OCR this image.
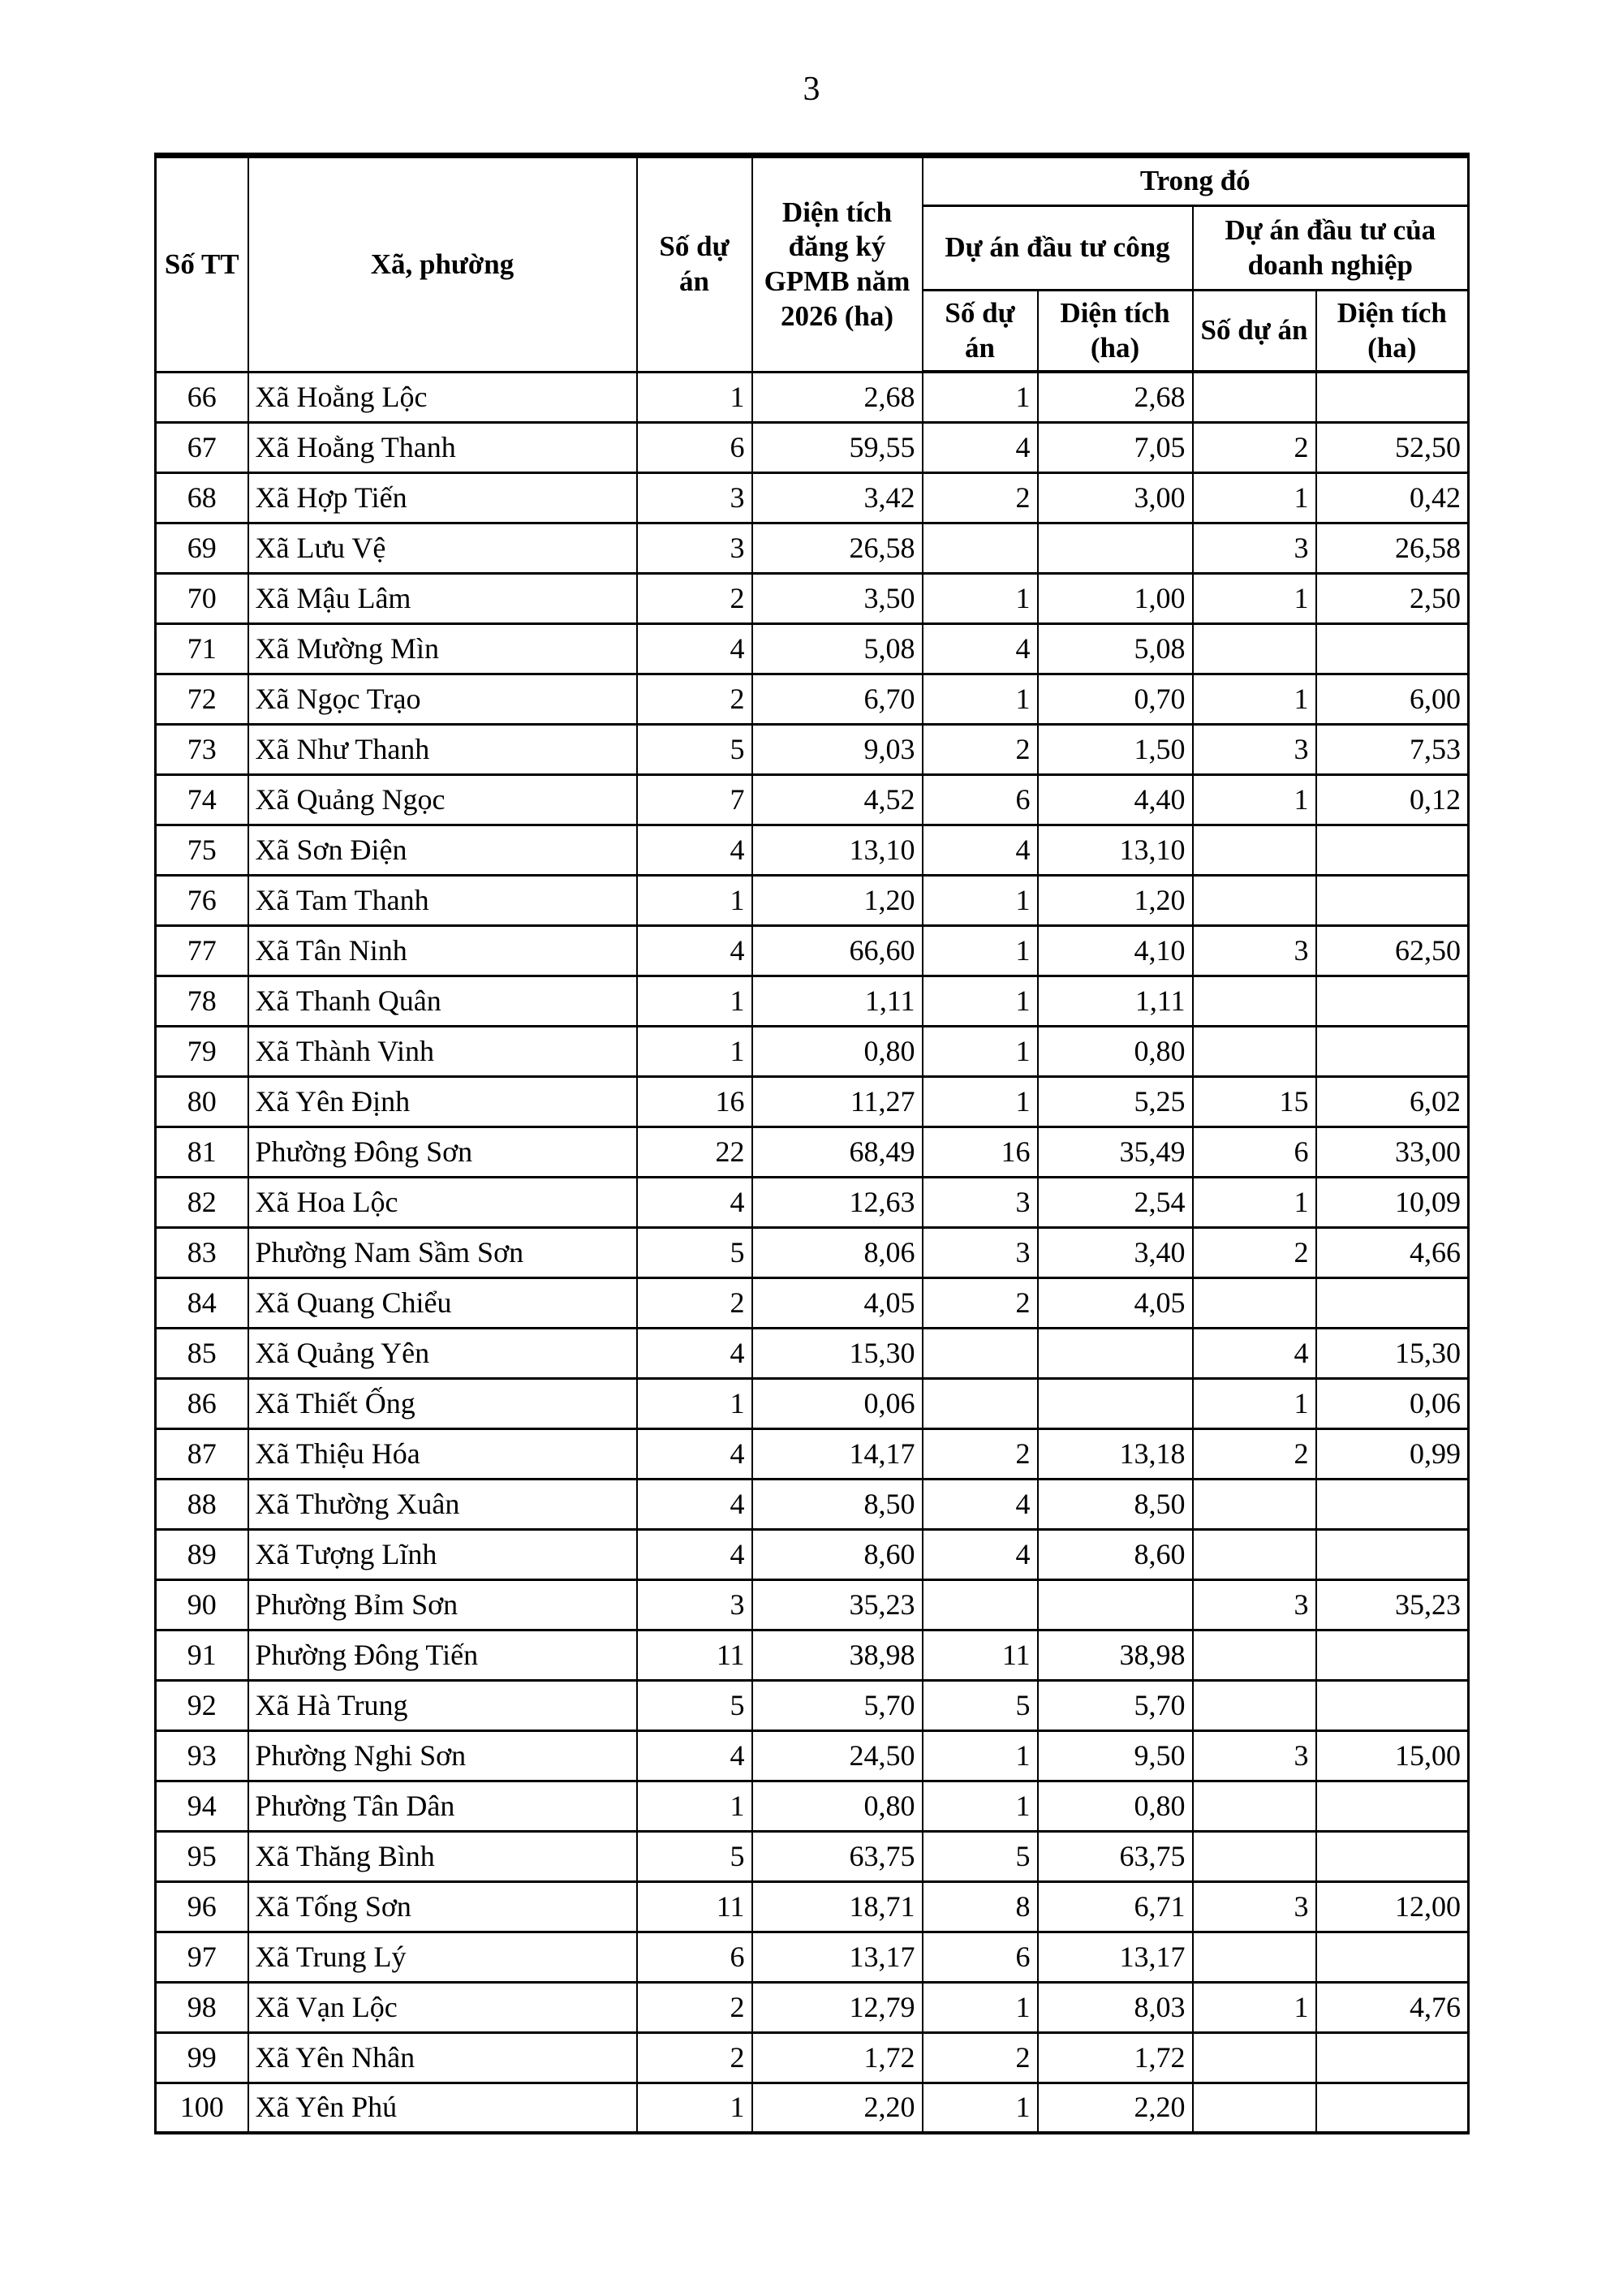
3
Số TT	Xã, phường	Số dự án	Diện tích đăng ký GPMB năm 2026 (ha)	Trong đó			
				Dự án đầu tư công		Dự án đầu tư của doanh nghiệp	
				Số dự án	Diện tích (ha)	Số dự án	Diện tích (ha)
66	Xã Hoằng Lộc	1	2,68	1	2,68		
67	Xã Hoằng Thanh	6	59,55	4	7,05	2	52,50
68	Xã Hợp Tiến	3	3,42	2	3,00	1	0,42
69	Xã Lưu Vệ	3	26,58			3	26,58
70	Xã Mậu Lâm	2	3,50	1	1,00	1	2,50
71	Xã Mường Mìn	4	5,08	4	5,08		
72	Xã Ngọc Trạo	2	6,70	1	0,70	1	6,00
73	Xã Như Thanh	5	9,03	2	1,50	3	7,53
74	Xã Quảng Ngọc	7	4,52	6	4,40	1	0,12
75	Xã Sơn Điện	4	13,10	4	13,10		
76	Xã Tam Thanh	1	1,20	1	1,20		
77	Xã Tân Ninh	4	66,60	1	4,10	3	62,50
78	Xã Thanh Quân	1	1,11	1	1,11		
79	Xã Thành Vinh	1	0,80	1	0,80		
80	Xã Yên Định	16	11,27	1	5,25	15	6,02
81	Phường Đông Sơn	22	68,49	16	35,49	6	33,00
82	Xã Hoa Lộc	4	12,63	3	2,54	1	10,09
83	Phường Nam Sầm Sơn	5	8,06	3	3,40	2	4,66
84	Xã Quang Chiểu	2	4,05	2	4,05		
85	Xã Quảng Yên	4	15,30			4	15,30
86	Xã Thiết Ống	1	0,06			1	0,06
87	Xã Thiệu Hóa	4	14,17	2	13,18	2	0,99
88	Xã Thường Xuân	4	8,50	4	8,50		
89	Xã Tượng Lĩnh	4	8,60	4	8,60		
90	Phường Bỉm Sơn	3	35,23			3	35,23
91	Phường Đông Tiến	11	38,98	11	38,98		
92	Xã Hà Trung	5	5,70	5	5,70		
93	Phường Nghi Sơn	4	24,50	1	9,50	3	15,00
94	Phường Tân Dân	1	0,80	1	0,80		
95	Xã Thăng Bình	5	63,75	5	63,75		
96	Xã Tống Sơn	11	18,71	8	6,71	3	12,00
97	Xã Trung Lý	6	13,17	6	13,17		
98	Xã Vạn Lộc	2	12,79	1	8,03	1	4,76
99	Xã Yên Nhân	2	1,72	2	1,72		
100	Xã Yên Phú	1	2,20	1	2,20		
